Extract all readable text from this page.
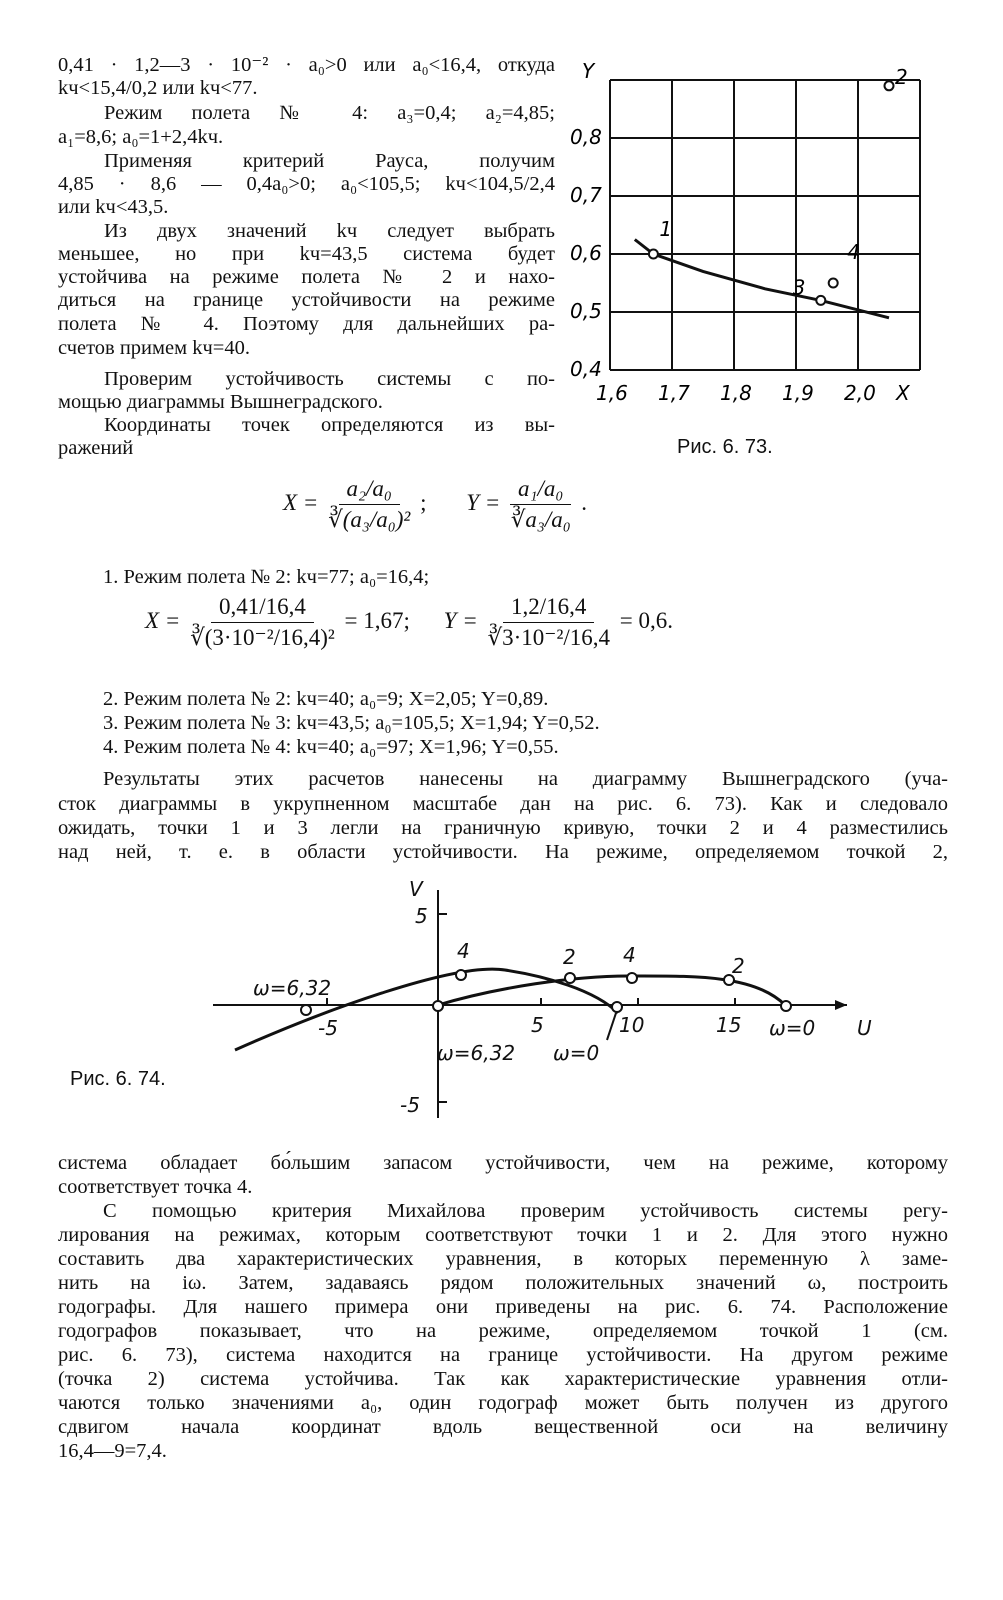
0,41 · 1,2—3 · 10⁻² · a₀>0 или a₀<16,4, откуда

kч<15,4/0,2 или kч<77.

Режим полета № 4: a₃=0,4; a₂=4,85;

a₁=8,6; a₀=1+2,4kч.

Применяя критерий Рауса, получим

4,85 · 8,6 — 0,4a₀>0; a₀<105,5; kч<104,5/2,4

или kч<43,5.

Из двух значений kч следует выбрать

меньшее, но при kч=43,5 система будет

устойчива на режиме полета № 2 и нахо-

диться на границе устойчивости на режиме

полета № 4. Поэтому для дальнейших ра-

счетов примем kч=40.

Проверим устойчивость системы с по-

мощью диаграммы Вышнеградского.

Координаты точек определяются из вы-

ражений

Y
X
1
2
3
4
1,6 1,7 1,8 1,9 2,0
0,8
0,7
0,6
0,5
0,4
Рис. 6. 73.
$X = \frac{\text{a₂/a₀}}{\text{∛(a₃/a₀)²}}$ ; $Y = \frac{\text{a₁/a₀}}{\text{∛a₃/a₀}}$ .
1. Режим полета № 2: kч=77; a₀=16,4;
$X = \frac{0,41/16,4}{\text{∛(3·10⁻²/16,4)²}} = 1,67$; $Y = \frac{1,2/16,4}{\text{∛3·10⁻²/16,4}} = 0,6$.
2. Режим полета № 2: kч=40; a₀=9; X=2,05; Y=0,89.
3. Режим полета № 3: kч=43,5; a₀=105,5; X=1,94; Y=0,52.
4. Режим полета № 4: kч=40; a₀=97; X=1,96; Y=0,55.

Результаты этих расчетов нанесены на диаграмму Вышнеградского (уча-

сток диаграммы в укрупненном масштабе дан на рис. 6. 73). Как и следовало

ожидать, точки 1 и 3 легли на граничную кривую, точки 2 и 4 разместились

над ней, т. е. в области устойчивости. На режиме, определяемом точкой 2,

V
5
-5
U
-5	5	10	15
4	2 4	2
ω=6,32
ω=6,32 ω=0
ω=0
Рис. 6. 74.

система обладает бо́льшим запасом устойчивости, чем на режиме, которому

соответствует точка 4.

С помощью критерия Михайлова проверим устойчивость системы регу-

лирования на режимах, которым соответствуют точки 1 и 2. Для этого нужно

составить два характеристических уравнения, в которых переменную λ заме-

нить на iω. Затем, задаваясь рядом положительных значений ω, построить

годографы. Для нашего примера они приведены на рис. 6. 74. Расположение

годографов показывает, что на режиме, определяемом точкой 1 (см.

рис. 6. 73), система находится на границе устойчивости. На другом режиме

(точка 2) система устойчива. Так как характеристические уравнения отли-

чаются только значениями a₀, один годограф может быть получен из другого

сдвигом начала координат вдоль вещественной оси на величину

16,4—9=7,4.
